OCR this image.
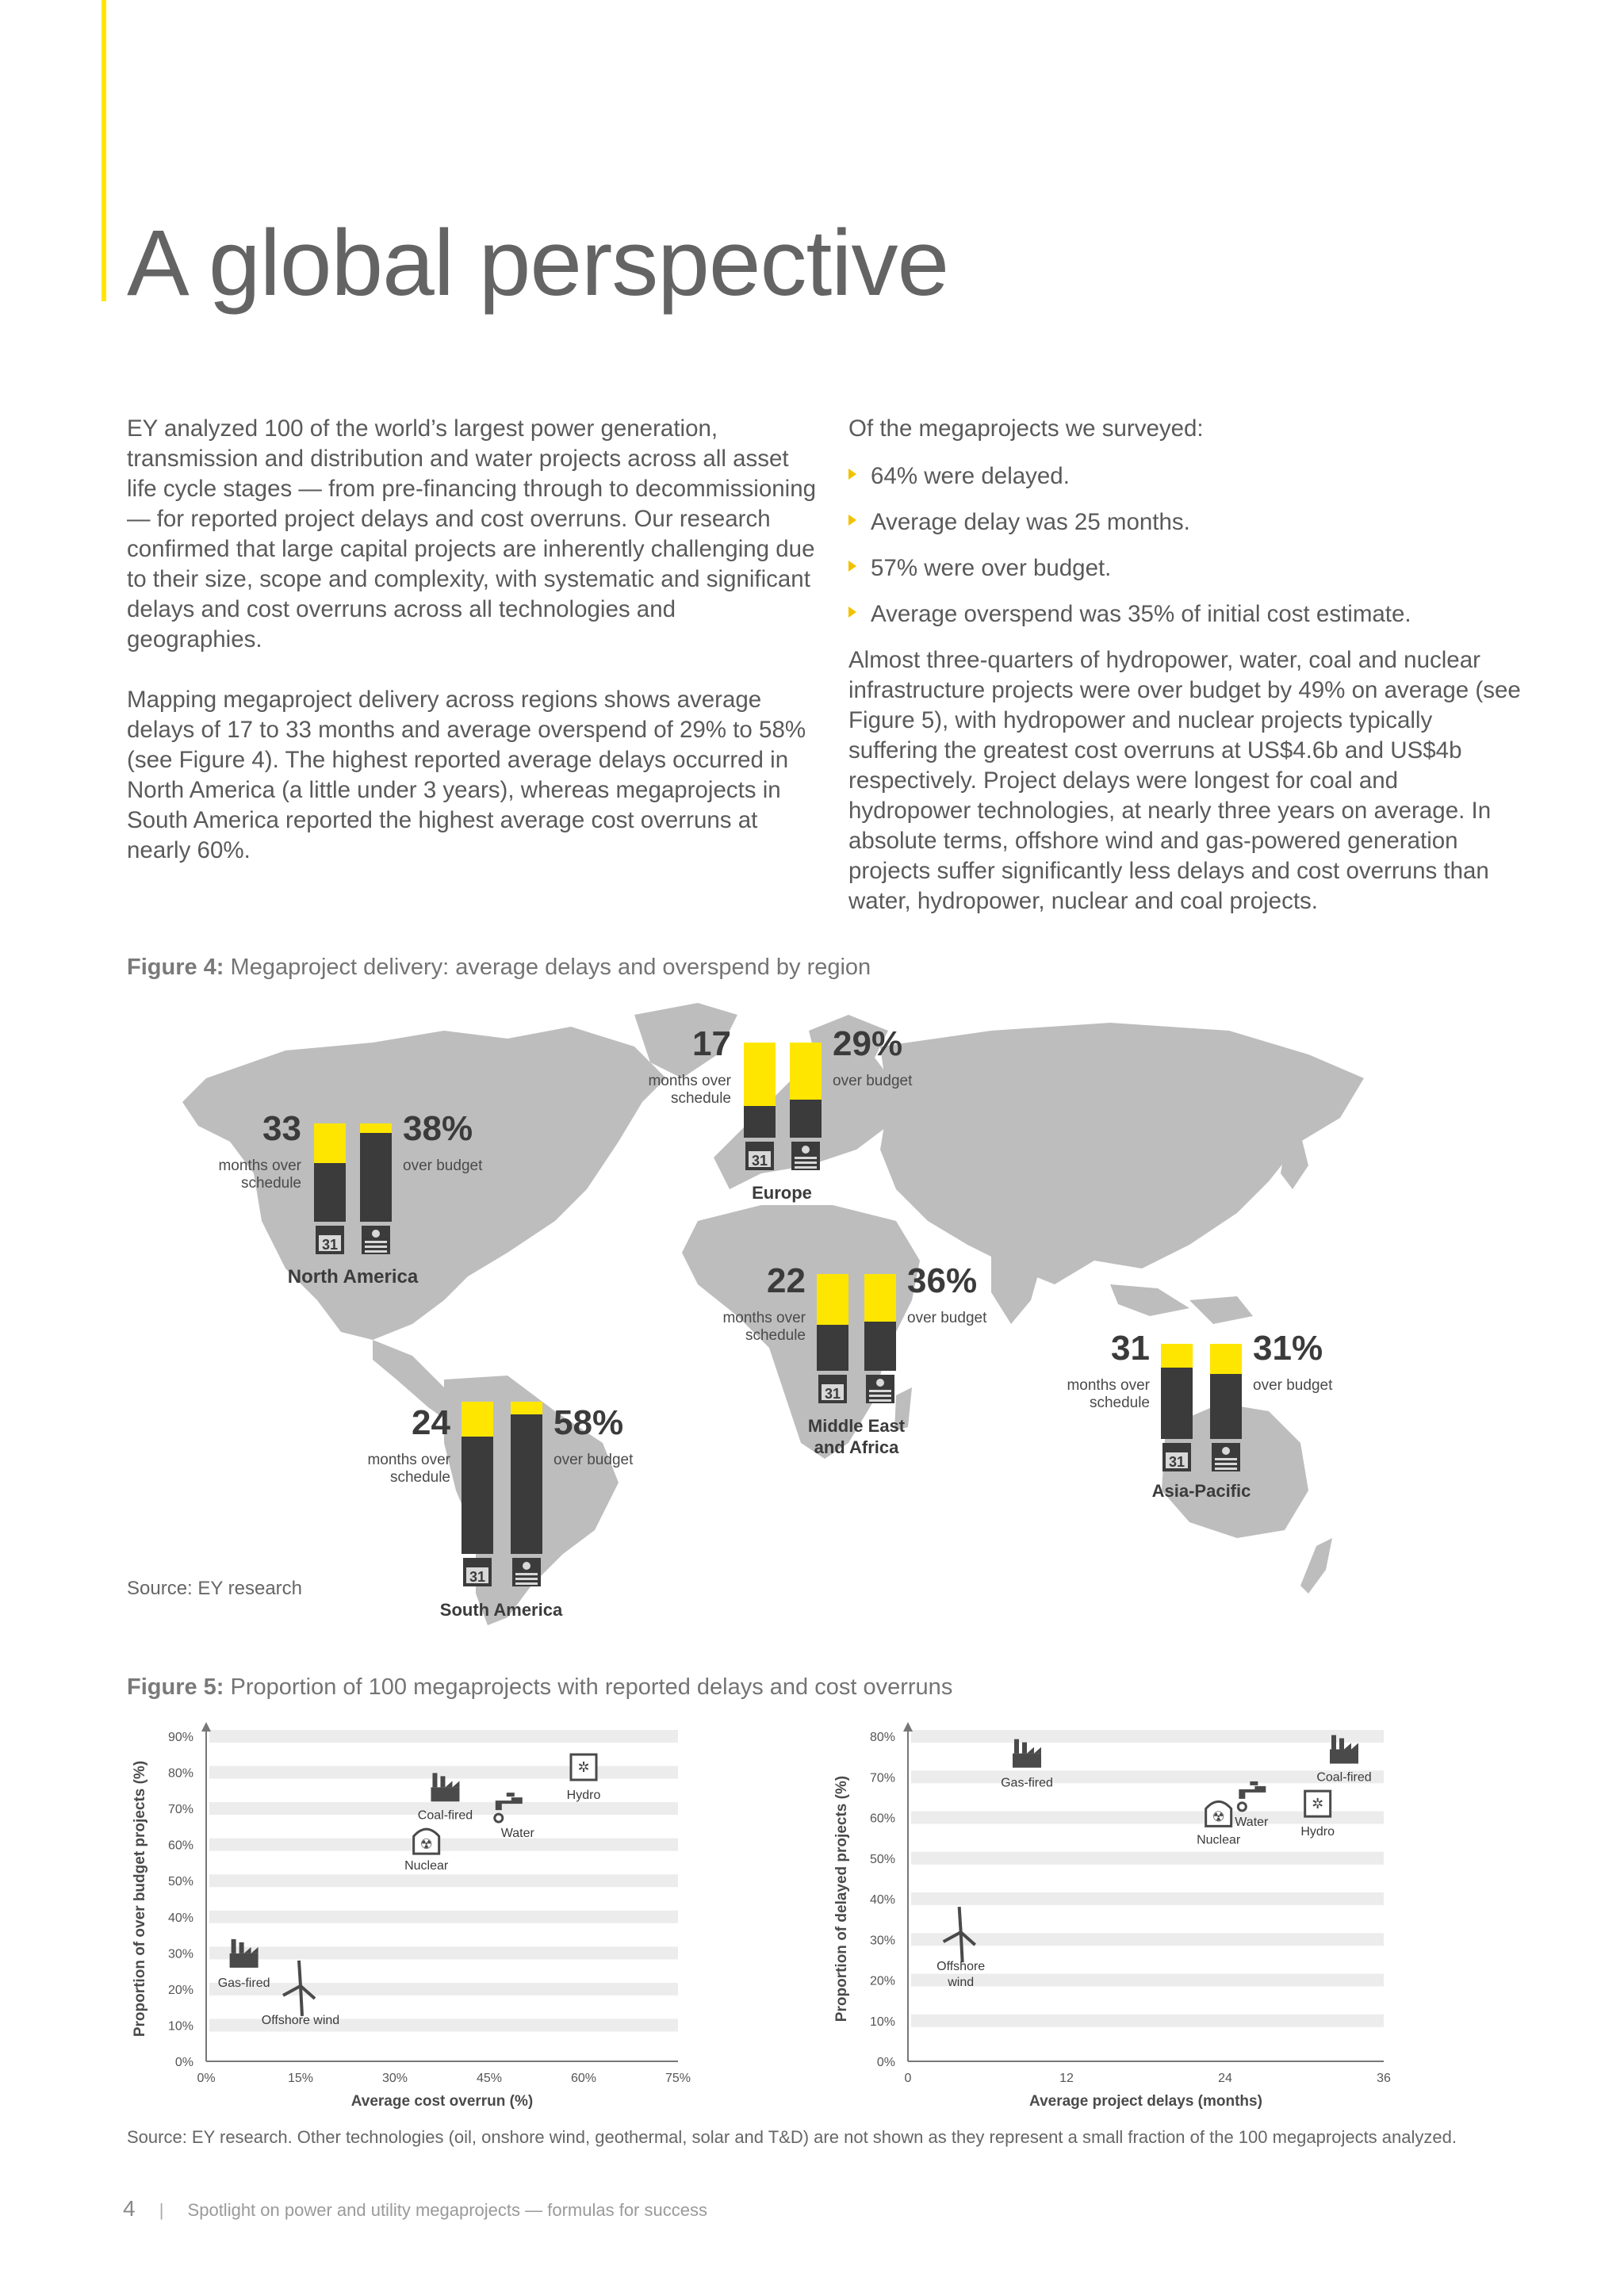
A global perspective

EY analyzed 100 of the world’s largest power generation, transmission and distribution and water projects across all asset life cycle stages — from pre-financing through to decommissioning — for reported project delays and cost overruns. Our research confirmed that large capital projects are inherently challenging due to their size, scope and complexity, with systematic and significant delays and cost overruns across all technologies and geographies.

Mapping megaproject delivery across regions shows average delays of 17 to 33 months and average overspend of 29% to 58% (see Figure 4). The highest reported average delays occurred in North America (a little under 3 years), whereas megaprojects in South America reported the highest average cost overruns at nearly 60%.

Of the megaprojects we surveyed:

64% were delayed.
Average delay was 25 months.
57% were over budget.
Average overspend was 35% of initial cost estimate.

Almost three-quarters of hydropower, water, coal and nuclear infrastructure projects were over budget by 49% on average (see Figure 5), with hydropower and nuclear projects typically suffering the greatest cost overruns at US$4.6b and US$4b respectively. Project delays were longest for coal and hydropower technologies, at nearly three years on average. In absolute terms, offshore wind and gas-powered generation projects suffer significantly less delays and cost overruns than water, hydropower, nuclear and coal projects.

Figure 4: Megaproject delivery: average delays and overspend by region
33
months over
schedule
38%
over budget
31
North America
17
months over
schedule
29%
over budget
31
Europe
22
months over
schedule
36%
over budget
31
Middle East
and Africa
31
months over
schedule
31%
over budget
31
Asia-Pacific
24
months over
schedule
58%
over budget
31
South America
Source: EY research
Figure 5: Proportion of 100 megaprojects with reported delays and cost overruns
0%
10%
20%
30%
40%
50%
60%
70%
80%
90%
0%	15%	30%	45%	60%	75%
✲
Hydro
Coal-fired
Water
☢
Nuclear
Gas-fired
Offshore wind
Average cost overrun (%)
Proportion of over budget projects (%)
0%
10%
20%
30%
40%
50%
60%
70%
80%
0	12	24	36
Gas-fired	Coal-fired
Water
✲
Hydro
☢
Nuclear
Offshore
wind
Average project delays (months)
Proportion of delayed projects (%)
Source: EY research. Other technologies (oil, onshore wind, geothermal, solar and T&D) are not shown as they represent a small fraction of the 100 megaprojects analyzed.
4 | Spotlight on power and utility megaprojects — formulas for success
